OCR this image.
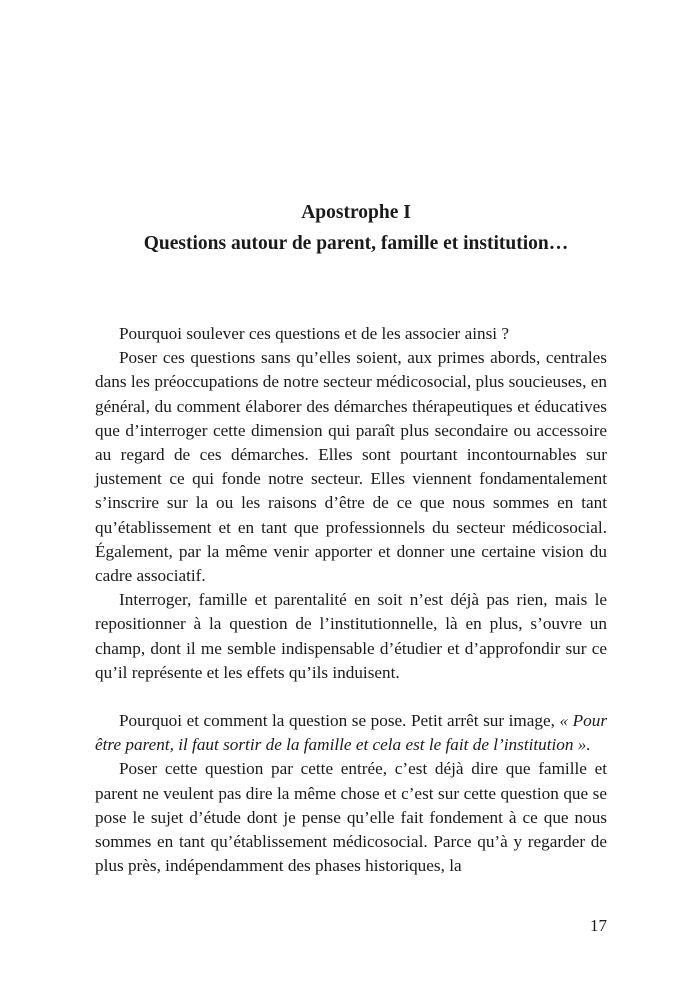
Apostrophe I

Questions autour de parent, famille et institution…

Pourquoi soulever ces questions et de les associer ainsi ?

Poser ces questions sans qu’elles soient, aux primes abords, centrales dans les préoccupations de notre secteur médicosocial, plus soucieuses, en général, du comment élaborer des démarches thérapeutiques et éducatives que d’interroger cette dimension qui paraît plus secondaire ou accessoire au regard de ces démarches. Elles sont pourtant incontournables sur justement ce qui fonde notre secteur. Elles viennent fondamentalement s’inscrire sur la ou les raisons d’être de ce que nous sommes en tant qu’établissement et en tant que professionnels du secteur médicosocial. Également, par la même venir apporter et donner une certaine vision du cadre associatif.

Interroger, famille et parentalité en soit n’est déjà pas rien, mais le repositionner à la question de l’institutionnelle, là en plus, s’ouvre un champ, dont il me semble indispensable d’étudier et d’approfondir sur ce qu’il représente et les effets qu’ils induisent.

Pourquoi et comment la question se pose. Petit arrêt sur image, « Pour être parent, il faut sortir de la famille et cela est le fait de l’institution ».

Poser cette question par cette entrée, c’est déjà dire que famille et parent ne veulent pas dire la même chose et c’est sur cette question que se pose le sujet d’étude dont je pense qu’elle fait fondement à ce que nous sommes en tant qu’établissement médicosocial. Parce qu’à y regarder de plus près, indépendamment des phases historiques, la

17
